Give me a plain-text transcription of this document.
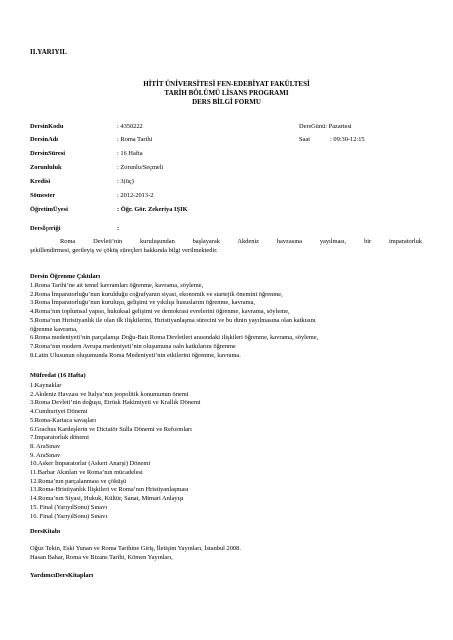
II.YARIYIL
HİTİT ÜNİVERSİTESİ FEN-EDEBİYAT FAKÜLTESİ
TARİH BÖLÜMÜ LİSANS PROGRAMI
DERS BİLGİ FORMU
DersinKodu	: 4350222	DersGünü: Pazartesi
DersinAdı	: Roma Tarihi	Saat	: 09:30-12:15
DersinSüresi	: 16 Hafta
Zorunluluk	: Zorunlu/Seçmeli
Kredisi	: 3(üç)
Sömester	: 2012-2013-2
ÖğretimÜyesi	: Öğr. Gör. Zekeriya IŞIK
Dersİçeriği	:
Roma Devleti’nin kuruluşundan başlayarak Akdeniz havzasına yayılması, bir imparatorluk
şekillendirmesi, gerileyiş ve çöküş süreçleri hakkında bilgi verilmektedir.
Dersin Öğrenme Çıktıları
1.Roma Tarihi’ne ait temel kavramları öğrenme, kavrama, söyleme,
2.Roma İmparatorluğu’nun kurulduğu coğrafyanın siyasi, ekonomik ve startejik önemini öğrenme,
3.Roma İmparatorluğu’nun kuruluşu, gelişimi ve yıkılışı hususlarını öğrenme, kavrama,
4.Roma’nın toplumsal yapısı, hukuksal gelişimi ve demokrasi evrelerini öğrenme, kavrama, söyleme,
5.Roma’nın Hıristiyanlık ile olan ilk ilişkilerini, Hıristiyanlaşma sürecini ve bu dinin yayılmasına olan katkısını
öğrenme kavrama,
6.Roma medeniyeti’nin parçalanışı Doğu-Batı Roma Devletleri arasındaki ilişkileri öğrenme, kavrama, söyleme,
7.Roma’nın modern Avrupa medeniyeti’nin oluşumuna oaln katkılarını öğrenme
8.Latin Ulusunun oluşumunda Roma Medeniyeti’nin etkilerini öğrenme, kavrama.
Müfredat (16 Hafta)
1.Kaynaklar
2.Akdeniz Havzası ve İtalya’nın jeopolitik konumunun önemi
3.Roma Devleti’nin doğuşu, Etrüsk Hakimiyeti ve Krallık Dönemi
4.Cumhuriyet Dönemi
5.Roma-Kartaca savaşları
6.Grachus Kardeşlerin ve Dictatör Sulla Dönemi ve Reformları
7.İmparatorluk dönemi
8. AraSınav
9. AraSınav
10.Asker İmparatorlar (Askeri Anarşi) Dönemi
11.Barbar Akınları ve Roma’nın mücadelesi
12.Roma’nın parçalanması ve çöküşü
13.Roma-Hristiyanlık İlişkileri ve Roma’nın Hristiyanlaşması
14.Roma’nın Siyasi, Hukuk, Kültür, Sanat, Mimari Anlayışı
15. Final (YarıyılSonu) Sınavı
16. Final (YarıyılSonu) Sınavı
DersKitabı
Oğuz Tekin, Eski Yunan ve Roma Tarihine Giriş, İletişim Yayınları, İstanbul 2008.
Hasan Bahar, Roma ve Bizans Tarihi, Kömen Yayınları,
YardımcıDersKitapları
